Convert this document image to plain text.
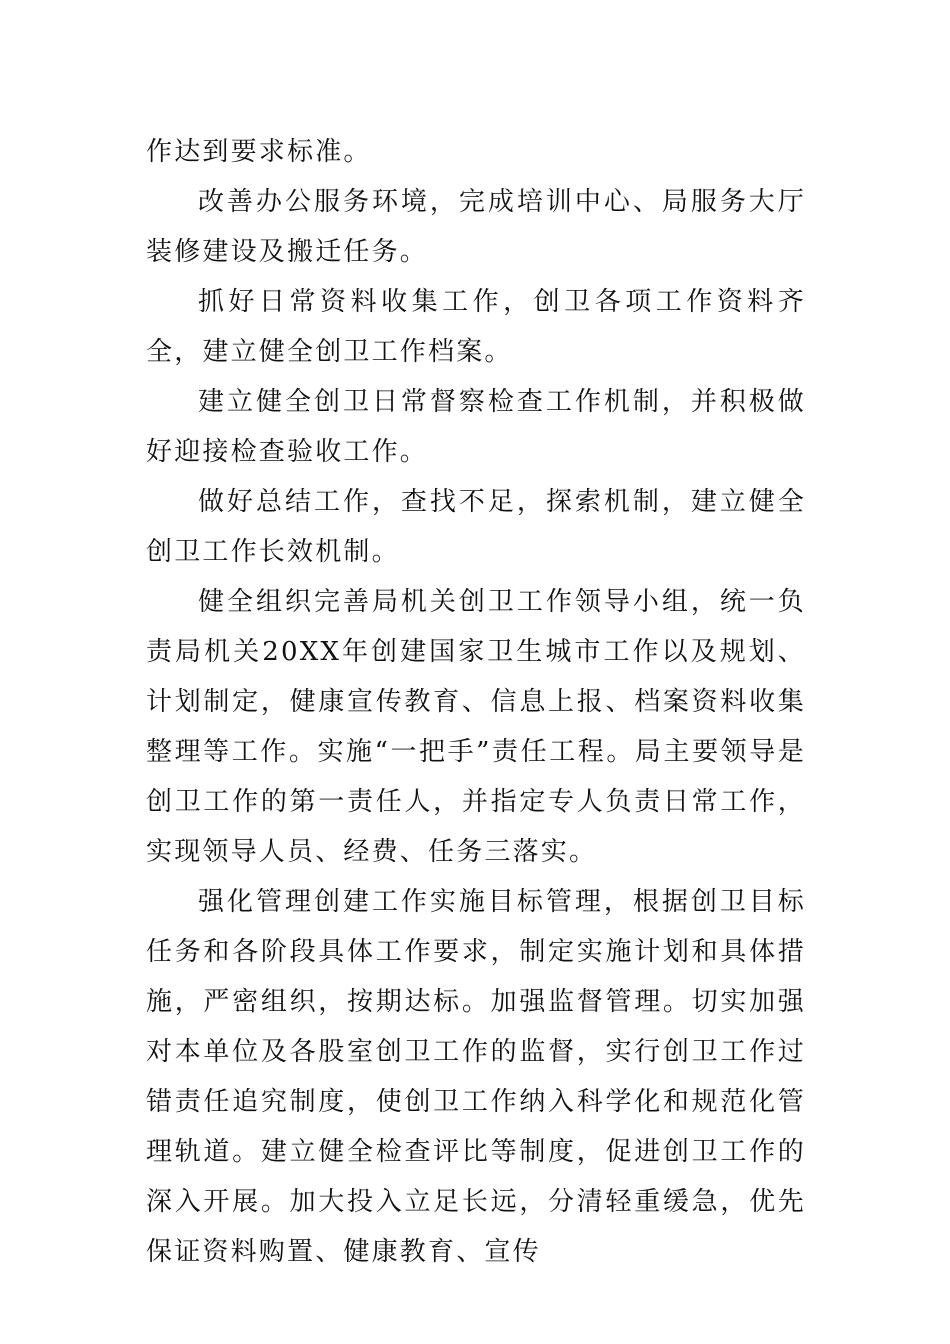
作达到要求标准。

改善办公服务环境，完成培训中心、局服务大厅装修建设及搬迁任务。

抓好日常资料收集工作，创卫各项工作资料齐全，建立健全创卫工作档案。

建立健全创卫日常督察检查工作机制，并积极做好迎接检查验收工作。

做好总结工作，查找不足，探索机制，建立健全创卫工作长效机制。

健全组织完善局机关创卫工作领导小组，统一负责局机关20XX年创建国家卫生城市工作以及规划、计划制定，健康宣传教育、信息上报、档案资料收集整理等工作。实施“一把手”责任工程。局主要领导是创卫工作的第一责任人，并指定专人负责日常工作，实现领导人员、经费、任务三落实。

强化管理创建工作实施目标管理，根据创卫目标任务和各阶段具体工作要求，制定实施计划和具体措施，严密组织，按期达标。加强监督管理。切实加强对本单位及各股室创卫工作的监督，实行创卫工作过错责任追究制度，使创卫工作纳入科学化和规范化管理轨道。建立健全检查评比等制度，促进创卫工作的深入开展。加大投入立足长远，分清轻重缓急，优先保证资料购置、健康教育、宣传
